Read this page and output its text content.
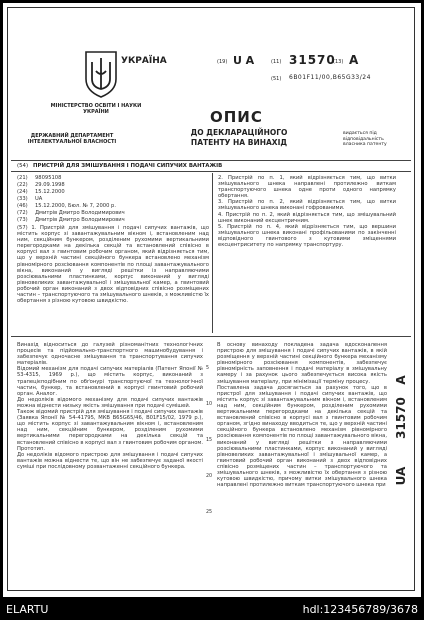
УКРАЇНА
МІНІСТЕРСТВО ОСВІТИ І НАУКИ УКРАЇНИ
ДЕРЖАВНИЙ ДЕПАРТАМЕНТ ІНТЕЛЕКТУАЛЬНОЇ ВЛАСНОСТІ
(19) UA	(11) 31570
(13) A
(51) 6В01F11/00,В65G33/24
ОПИС
ДО ДЕКЛАРАЦІЙНОГО ПАТЕНТУ НА ВИНАХІД
видається під відповідальність власника патенту
(54) ПРИСТРІЙ ДЛЯ ЗМІШУВАННЯ І ПОДАЧІ СИПУЧИХ ВАНТАЖІВ
(21) 98095108
(22) 29.09.1998
(24) 15.12.2000
(33) UA
(46) 15.12.2000, Бюл. № 7, 2000 р.
(72) Дмитрів Дмитро Володимирович
(73) Дмитрів Дмитро Володимирович
(57) 1. Пристрій для змішування і подачі сипучих вантажів, що містить корпус зі завантажувальним вікном і, встановленим над ним, секційним бункером, розділеним рухомими вертикальними перегородками на декілька секцій та встановлений співісно в корпусі вал з гвинтовим робочим органом, який відрізняється тим, що у верхній частині секційного бункера встановлено механізм рівномірного розсіювання компонентів по площі завантажувального вікна, виконаний у вигляді решітки із направляючими розсіювальними пластинками, корпус виконаний у вигляді рівновеликих завантажувальної і змішувальної камер, а гвинтовий робочий орган виконаний з двох відповідних співісно розміщених частин – транспортуючого та змішувального шнеків, з можливістю їх обертання з різною кутовою швидкістю.
2. Пристрій по п. 1, який відрізняється тим, що витки змішувального шнека направлені протилежно виткам транспортуючого шнека одне проти одного напрямку обертання.
3. Пристрій по п. 2, який відрізняється тим, що витки змішувального шнека виконані гофрованими.
4. Пристрій по п. 2, який відрізняється тим, що змішувальний шнек виконаний ексцентричним.
5. Пристрій по п. 4, який відрізняється тим, що вершини змішувального шнека виконані профільованими по закінченні відповідного гвинтового з кутовими зміщеннями ексцентриситету по напрямку транспортуру.
Винахід відноситься до галузей різноманітних технологічних процесів та підйомально-транспортного машинобудування і забезпечує одночасне змішування та транспортування сипучих матеріалів.
Відомий механізм для подачі сипучих матеріалів (Патент Японії № 53-4315, 1969 р.), що містить корпус, виконаний з трапецієподібним по обґонурі транспортуючої та технологічної частин, бункер, та встановлений в корпусі гвинтовий робочий орган. Аналог.
До недоліків відомого механізму для подачі сипучих вантажів можна віднести низьку якість змішування при подачі сумішей.
Також відомий пристрій для змішування і подачі сипучих вантажів (Заявка Японії № 54-41795, МКВ В65G65/46, В01F15/02, 1979 р.), що містить корпус зі завантажувальним вікном і, встановленим над ним, секційним бункером, розділеним рухомими вертикальними перегородками на декілька секцій та встановлений співісно в корпусі вал з гвинтовим робочим органом. Прототип.
До недоліків відомого пристрою для змішування і подачі сипучих вантажів можна віднести те, що він не забезпечує заданої якості суміші при послідовному розвантаженні секційного бункера.
5
10
15
20
25
В основу винаходу покладена задача вдосконалення пристрою для змішування і подачі сипучих вантажів, в якій розміщення у верхній частині секційного бункера механізму рівномірного розсіювання компонентів, забезпечує рівномірність заповнення і подачі матеріалу в змішувальну камеру і за рахунок цього забезпечується висока якість змішування матеріалу, при мінімізації терміну процесу.
Поставлена задача досягається за рахунок того, що в пристрої для змішування і подачі сипучих вантажів, що містить корпус зі завантажувальним вікном і, встановленим над ним, секційним бункером, розділеним рухомими вертикальними перегородками на декілька секцій та встановлений співісно в корпусі вал з гвинтовим робочим органом, згідно винаходу вводиться те, що у верхній частині секційного бункера встановлено механізм рівномірного розсіювання компонентів по площі завантажувального вікна, виконаний у вигляді решітки з направляючими розсіювальними пластинками, корпус виконаний у вигляді рівновеликих завантажувальної і змішувальної камер, а гвинтовий робочий орган виконаний з двох відповідних співісно розміщених частин – транспортуючого та змішувального шнеків, з можливістю їх обертання з різною кутовою швидкістю, причому витки змішувального шнека направлені протилежно виткам транспортуючого шнека при
A
31570
UA
ELARTU	hdl:123456789/3678
